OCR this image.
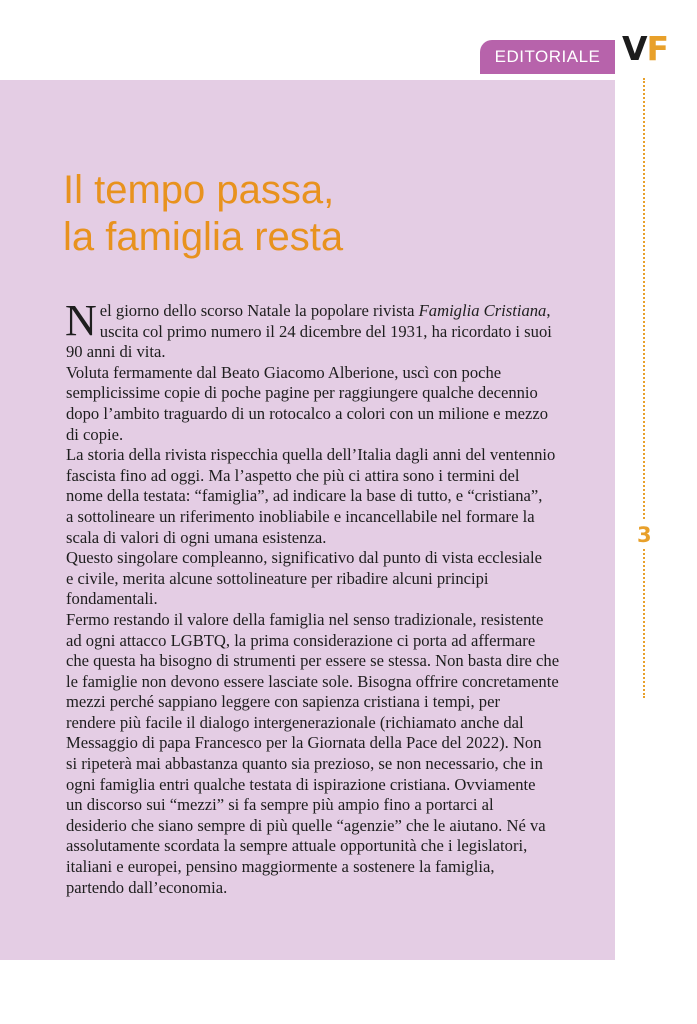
EDITORIALE VF
3
Il tempo passa,
la famiglia resta

N el giorno dello scorso Natale la popolare rivista Famiglia Cristiana,
uscita col primo numero il 24 dicembre del 1931, ha ricordato i suoi
90 anni di vita.

Voluta fermamente dal Beato Giacomo Alberione, uscì con poche
semplicissime copie di poche pagine per raggiungere qualche decennio
dopo l’ambito traguardo di un rotocalco a colori con un milione e mezzo
di copie.

La storia della rivista rispecchia quella dell’Italia dagli anni del ventennio
fascista fino ad oggi. Ma l’aspetto che più ci attira sono i termini del
nome della testata: “famiglia”, ad indicare la base di tutto, e “cristiana”,
a sottolineare un riferimento inobliabile e incancellabile nel formare la
scala di valori di ogni umana esistenza.

Questo singolare compleanno, significativo dal punto di vista ecclesiale
e civile, merita alcune sottolineature per ribadire alcuni principi
fondamentali.

Fermo restando il valore della famiglia nel senso tradizionale, resistente
ad ogni attacco LGBTQ, la prima considerazione ci porta ad affermare
che questa ha bisogno di strumenti per essere se stessa. Non basta dire che
le famiglie non devono essere lasciate sole. Bisogna offrire concretamente
mezzi perché sappiano leggere con sapienza cristiana i tempi, per
rendere più facile il dialogo intergenerazionale (richiamato anche dal
Messaggio di papa Francesco per la Giornata della Pace del 2022). Non
si ripeterà mai abbastanza quanto sia prezioso, se non necessario, che in
ogni famiglia entri qualche testata di ispirazione cristiana. Ovviamente
un discorso sui “mezzi” si fa sempre più ampio fino a portarci al
desiderio che siano sempre di più quelle “agenzie” che le aiutano. Né va
assolutamente scordata la sempre attuale opportunità che i legislatori,
italiani e europei, pensino maggiormente a sostenere la famiglia,
partendo dall’economia.
